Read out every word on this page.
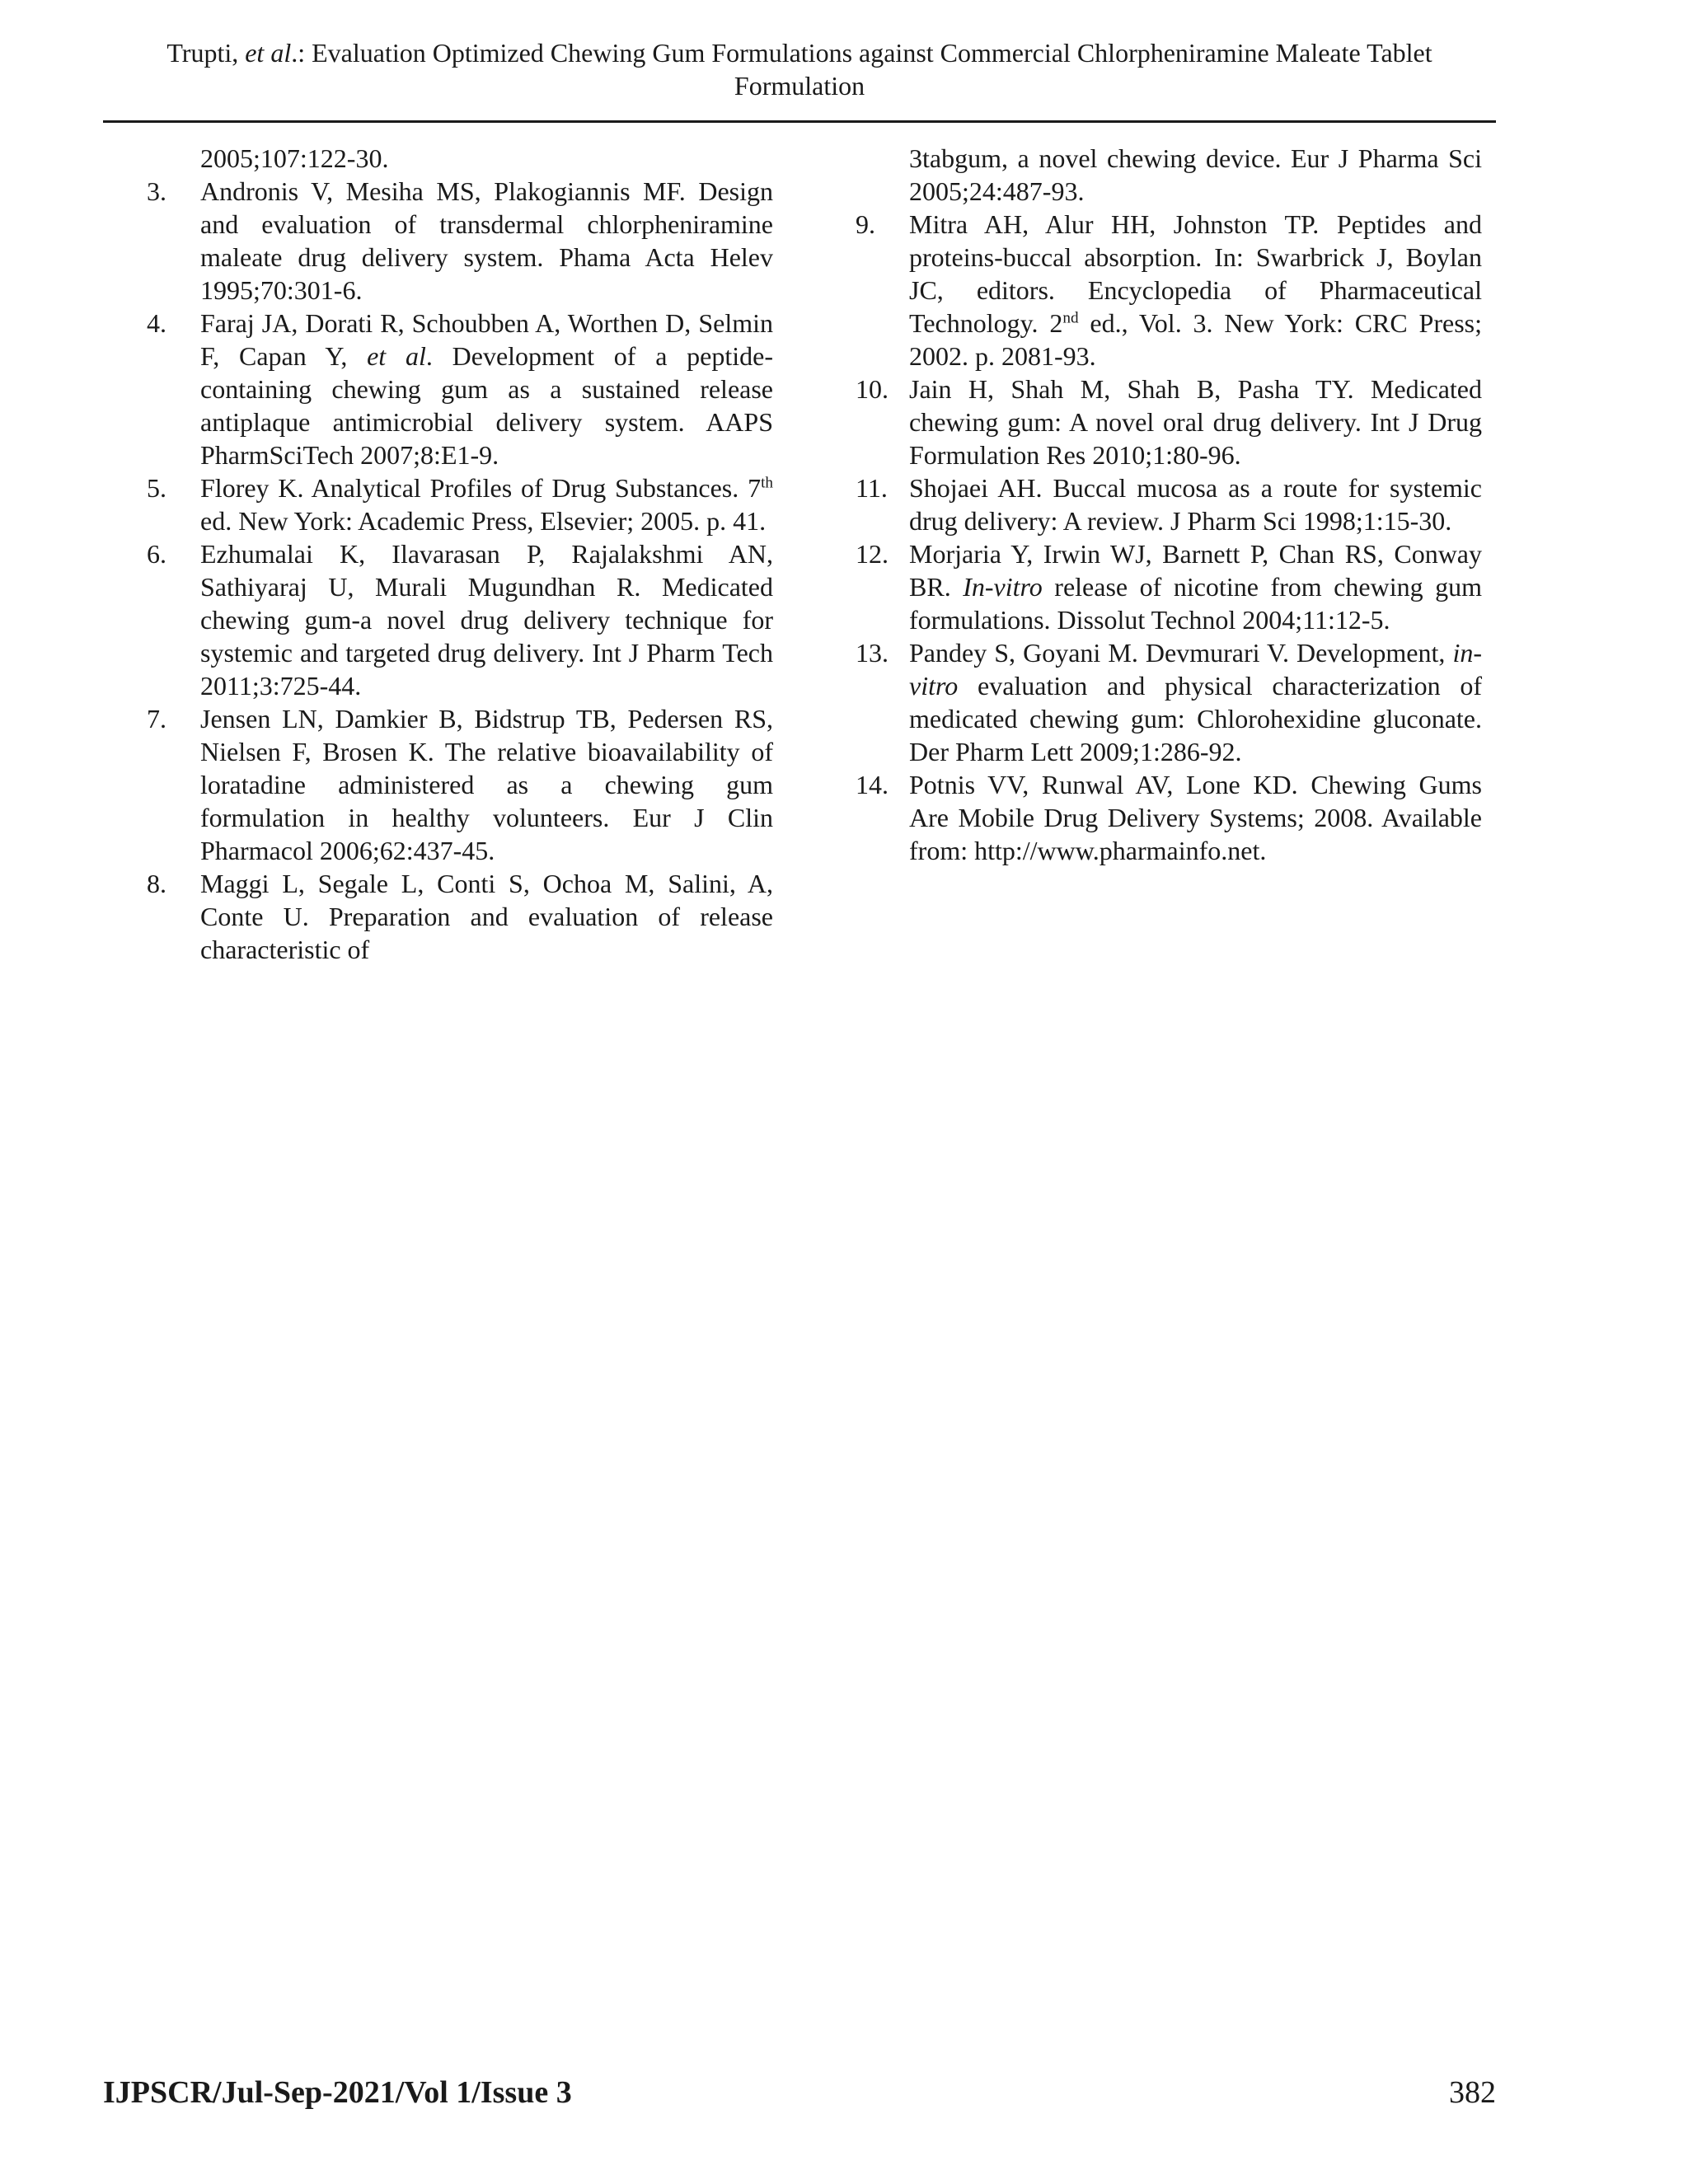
Trupti, et al.: Evaluation Optimized Chewing Gum Formulations against Commercial Chlorpheniramine Maleate Tablet Formulation
2005;107:122-30.
3. Andronis V, Mesiha MS, Plakogiannis MF. Design and evaluation of transdermal chlorpheniramine maleate drug delivery system. Phama Acta Helev 1995;70:301-6.
4. Faraj JA, Dorati R, Schoubben A, Worthen D, Selmin F, Capan Y, et al. Development of a peptide-containing chewing gum as a sustained release antiplaque antimicrobial delivery system. AAPS PharmSciTech 2007;8:E1-9.
5. Florey K. Analytical Profiles of Drug Substances. 7th ed. New York: Academic Press, Elsevier; 2005. p. 41.
6. Ezhumalai K, Ilavarasan P, Rajalakshmi AN, Sathiyaraj U, Murali Mugundhan R. Medicated chewing gum-a novel drug delivery technique for systemic and targeted drug delivery. Int J Pharm Tech 2011;3:725-44.
7. Jensen LN, Damkier B, Bidstrup TB, Pedersen RS, Nielsen F, Brosen K. The relative bioavailability of loratadine administered as a chewing gum formulation in healthy volunteers. Eur J Clin Pharmacol 2006;62:437-45.
8. Maggi L, Segale L, Conti S, Ochoa M, Salini, A, Conte U. Preparation and evaluation of release characteristic of
3tabgum, a novel chewing device. Eur J Pharma Sci 2005;24:487-93.
9. Mitra AH, Alur HH, Johnston TP. Peptides and proteins-buccal absorption. In: Swarbrick J, Boylan JC, editors. Encyclopedia of Pharmaceutical Technology. 2nd ed., Vol. 3. New York: CRC Press; 2002. p. 2081-93.
10. Jain H, Shah M, Shah B, Pasha TY. Medicated chewing gum: A novel oral drug delivery. Int J Drug Formulation Res 2010;1:80-96.
11. Shojaei AH. Buccal mucosa as a route for systemic drug delivery: A review. J Pharm Sci 1998;1:15-30.
12. Morjaria Y, Irwin WJ, Barnett P, Chan RS, Conway BR. In-vitro release of nicotine from chewing gum formulations. Dissolut Technol 2004;11:12-5.
13. Pandey S, Goyani M. Devmurari V. Development, in-vitro evaluation and physical characterization of medicated chewing gum: Chlorohexidine gluconate. Der Pharm Lett 2009;1:286-92.
14. Potnis VV, Runwal AV, Lone KD. Chewing Gums Are Mobile Drug Delivery Systems; 2008. Available from: http://www.pharmainfo.net.
IJPSCR/Jul-Sep-2021/Vol 1/Issue 3	382
